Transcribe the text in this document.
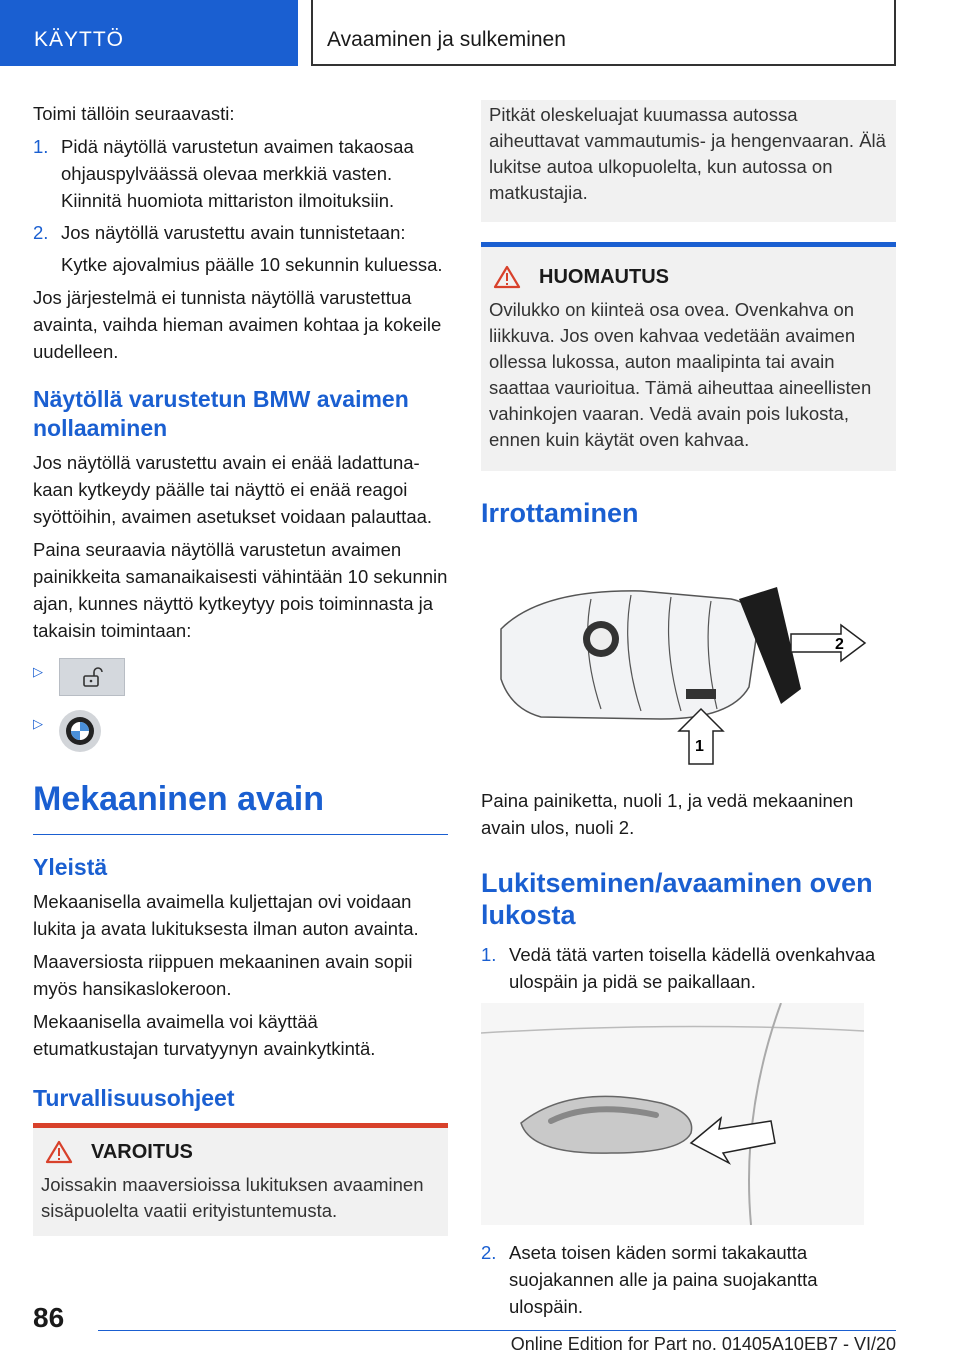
KÄYTTÖ	Avaaminen ja sulkeminen

Toimi tällöin seuraavasti:

1. Pidä näytöllä varustetun avaimen takaosaa ohjauspylväässä olevaa merkkiä vasten. Kiinnitä huomiota mittariston ilmoituksiin.
2. Jos näytöllä varustettu avain tunnistetaan:
Kytke ajovalmius päälle 10 sekunnin kuluessa.

Jos järjestelmä ei tunnista näytöllä varustettua avainta, vaihda hieman avaimen kohtaa ja kokeile uudelleen.

Näytöllä varustetun BMW avaimen nollaaminen

Jos näytöllä varustettu avain ei enää ladattunakaan kytkeydy päälle tai näyttö ei enää reagoi syöttöihin, avaimen asetukset voidaan palauttaa.

Paina seuraavia näytöllä varustetun avaimen painikkeita samanaikaisesti vähintään 10 sekunnin ajan, kunnes näyttö kytkeytyy pois toiminnasta ja takaisin toimintaan:

▷
▷
Mekaaninen avain
Yleistä

Mekaanisella avaimella kuljettajan ovi voidaan lukita ja avata lukituksesta ilman auton avainta.

Maaversiosta riippuen mekaaninen avain sopii myös hansikaslokeroon.

Mekaanisella avaimella voi käyttää etumatkustajan turvatyynyn avainkytkintä.

Turvallisuusohjeet
VAROITUS

Joissakin maaversioissa lukituksen avaaminen sisäpuolelta vaatii erityistuntemusta.

Pitkät oleskeluajat kuumassa autossa aiheuttavat vammautumis- ja hengenvaaran. Älä lukitse autoa ulkopuolelta, kun autossa on matkustajia.

HUOMAUTUS

Ovilukko on kiinteä osa ovea. Ovenkahva on liikkuva. Jos oven kahvaa vedetään avaimen ollessa lukossa, auton maalipinta tai avain saattaa vaurioitua. Tämä aiheuttaa aineellisten vahinkojen vaaran. Vedä avain pois lukosta, ennen kuin käytät oven kahvaa.

Irrottaminen
2
1

Paina painiketta, nuoli 1, ja vedä mekaaninen avain ulos, nuoli 2.

Lukitseminen/avaaminen oven lukosta
1. Vedä tätä varten toisella kädellä ovenkahvaa ulospäin ja pidä se paikallaan.
2. Aseta toisen käden sormi takakautta suojakannen alle ja paina suojakantta ulospäin.
86
Online Edition for Part no. 01405A10EB7 - VI/20
